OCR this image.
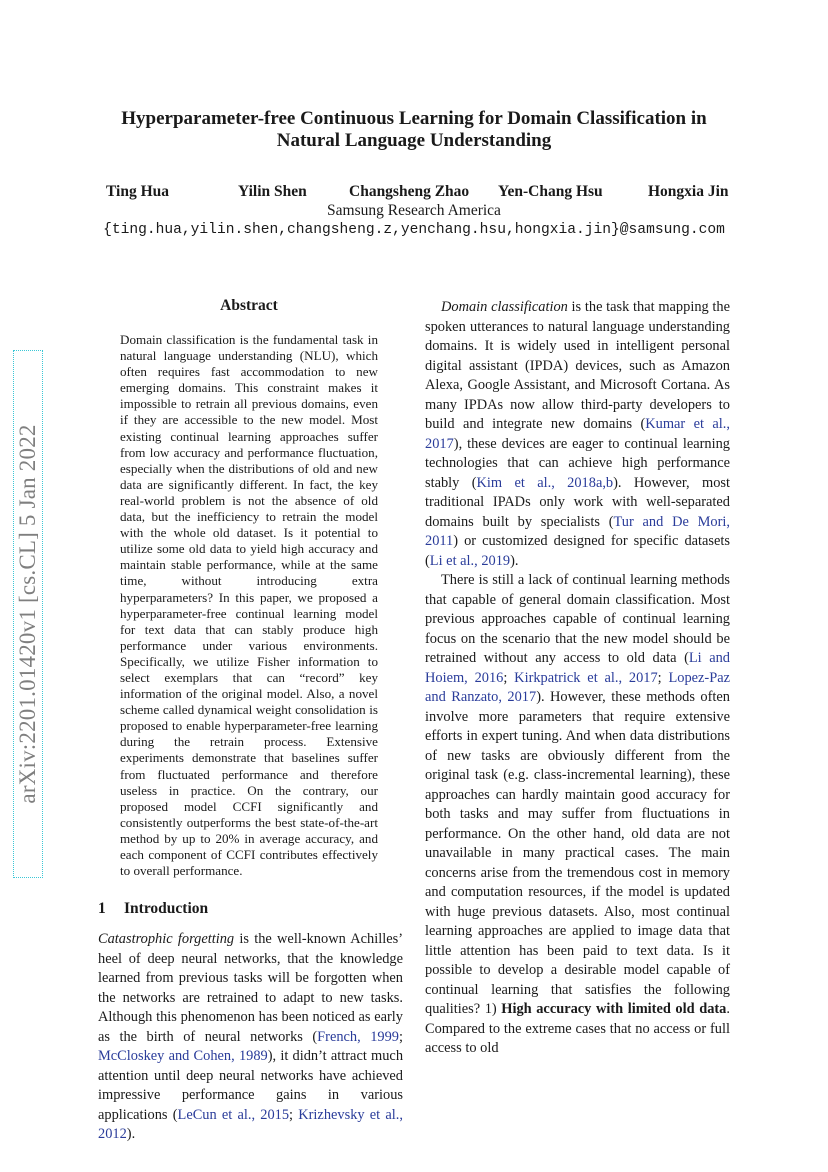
Hyperparameter-free Continuous Learning for Domain Classification in
Natural Language Understanding
Ting Hua	Yilin Shen	Changsheng Zhao Yen-Chang Hsu	Hongxia Jin
Samsung Research America
{ting.hua,yilin.shen,changsheng.z,yenchang.hsu,hongxia.jin}@samsung.com
arXiv:2201.01420v1 [cs.CL] 5 Jan 2022
Abstract
Domain classification is the fundamental task in natural language understanding (NLU), which often requires fast accommodation to new emerging domains. This constraint makes it impossible to retrain all previous domains, even if they are accessible to the new model. Most existing continual learning approaches suffer from low accuracy and performance fluctuation, especially when the distributions of old and new data are significantly different. In fact, the key real-world problem is not the absence of old data, but the inefficiency to retrain the model with the whole old dataset. Is it potential to utilize some old data to yield high accuracy and maintain stable performance, while at the same time, without introducing extra hyperparameters? In this paper, we proposed a hyperparameter-free continual learning model for text data that can stably produce high performance under various environments. Specifically, we utilize Fisher information to select exemplars that can “record” key information of the original model. Also, a novel scheme called dynamical weight consolidation is proposed to enable hyperparameter-free learning during the retrain process. Extensive experiments demonstrate that baselines suffer from fluctuated performance and therefore useless in practice. On the contrary, our proposed model CCFI significantly and consistently outperforms the best state-of-the-art method by up to 20% in average accuracy, and each component of CCFI contributes effectively to overall performance.
1 Introduction
Catastrophic forgetting is the well-known Achilles’ heel of deep neural networks, that the knowledge learned from previous tasks will be forgotten when the networks are retrained to adapt to new tasks. Although this phenomenon has been noticed as early as the birth of neural networks (French, 1999; McCloskey and Cohen, 1989), it didn’t attract much attention until deep neural networks have achieved impressive performance gains in various applications (LeCun et al., 2015; Krizhevsky et al., 2012).

Domain classification is the task that mapping the spoken utterances to natural language understanding domains. It is widely used in intelligent personal digital assistant (IPDA) devices, such as Amazon Alexa, Google Assistant, and Microsoft Cortana. As many IPDAs now allow third-party developers to build and integrate new domains (Kumar et al., 2017), these devices are eager to continual learning technologies that can achieve high performance stably (Kim et al., 2018a,b). However, most traditional IPADs only work with well-separated domains built by specialists (Tur and De Mori, 2011) or customized designed for specific datasets (Li et al., 2019).

There is still a lack of continual learning methods that capable of general domain classification. Most previous approaches capable of continual learning focus on the scenario that the new model should be retrained without any access to old data (Li and Hoiem, 2016; Kirkpatrick et al., 2017; Lopez-Paz and Ranzato, 2017). However, these methods often involve more parameters that require extensive efforts in expert tuning. And when data distributions of new tasks are obviously different from the original task (e.g. class-incremental learning), these approaches can hardly maintain good accuracy for both tasks and may suffer from fluctuations in performance. On the other hand, old data are not unavailable in many practical cases. The main concerns arise from the tremendous cost in memory and computation resources, if the model is updated with huge previous datasets. Also, most continual learning approaches are applied to image data that little attention has been paid to text data. Is it possible to develop a desirable model capable of continual learning that satisfies the following qualities? 1) High accuracy with limited old data. Compared to the extreme cases that no access or full access to old
